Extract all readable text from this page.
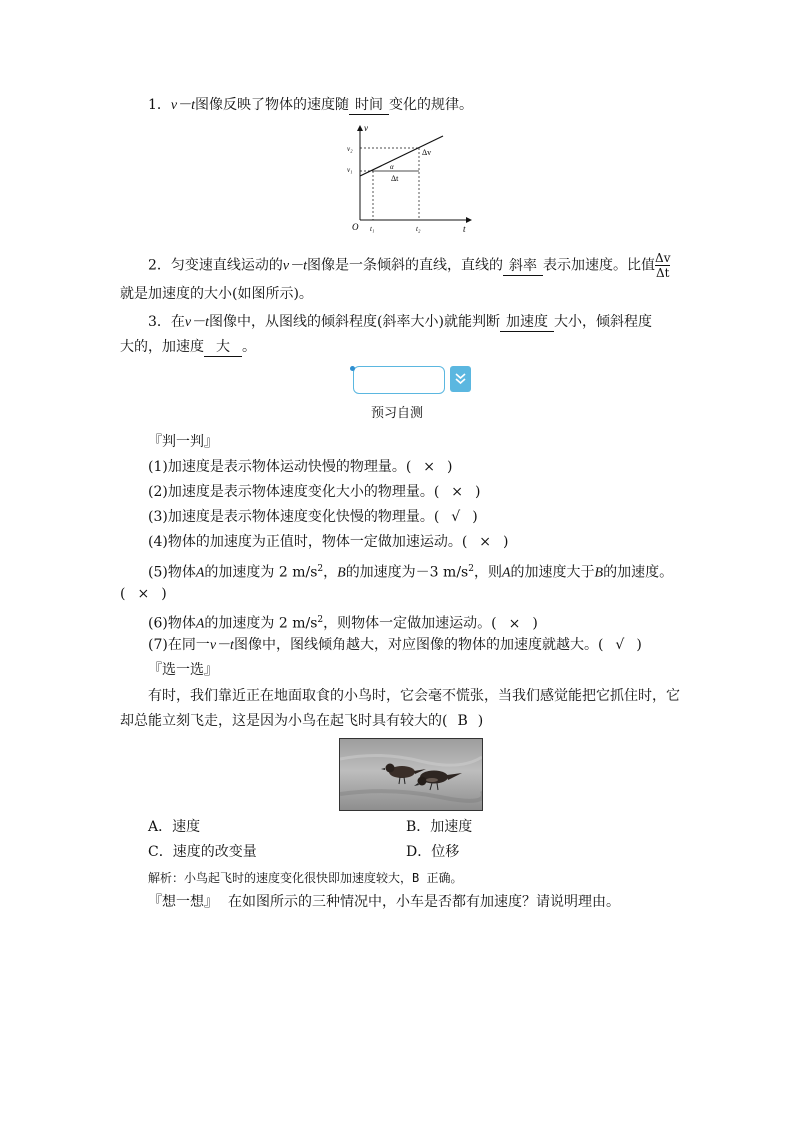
1．v－t图像反映了物体的速度随 时间 变化的规律。
v
t
O
v₂
v₁
t₁	t₂
α
Δv
Δt
2．匀变速直线运动的v－t图像是一条倾斜的直线，直线的 斜率 表示加速度。比值 $\frac{\Delta v}{\Delta t}$
就是加速度的大小(如图所示)。
3．在v－t图像中，从图线的倾斜程度(斜率大小)就能判断 加速度 大小，倾斜程度
大的，加速度 大 。
预习自测
『判一判』
(1)加速度是表示物体运动快慢的物理量。( × )
(2)加速度是表示物体速度变化大小的物理量。( × )
(3)加速度是表示物体速度变化快慢的物理量。( √ )
(4)物体的加速度为正值时，物体一定做加速运动。( × )
(5)物体A的加速度为 2 $m/s^2$，B的加速度为－3 $m/s^2$，则A的加速度大于B的加速度。
( × )
(6)物体A的加速度为 2 $m/s^2$，则物体一定做加速运动。( × )
(7)在同一v－t图像中，图线倾角越大，对应图像的物体的加速度就越大。( √ )
『选一选』
有时，我们靠近正在地面取食的小鸟时，它会毫不慌张，当我们感觉能把它抓住时，它
却总能立刻飞走，这是因为小鸟在起飞时具有较大的( B )
A．速度	B．加速度
C．速度的改变量	D．位移
解析：小鸟起飞时的速度变化很快即加速度较大，B 正确。
『想一想』 在如图所示的三种情况中，小车是否都有加速度？请说明理由。
